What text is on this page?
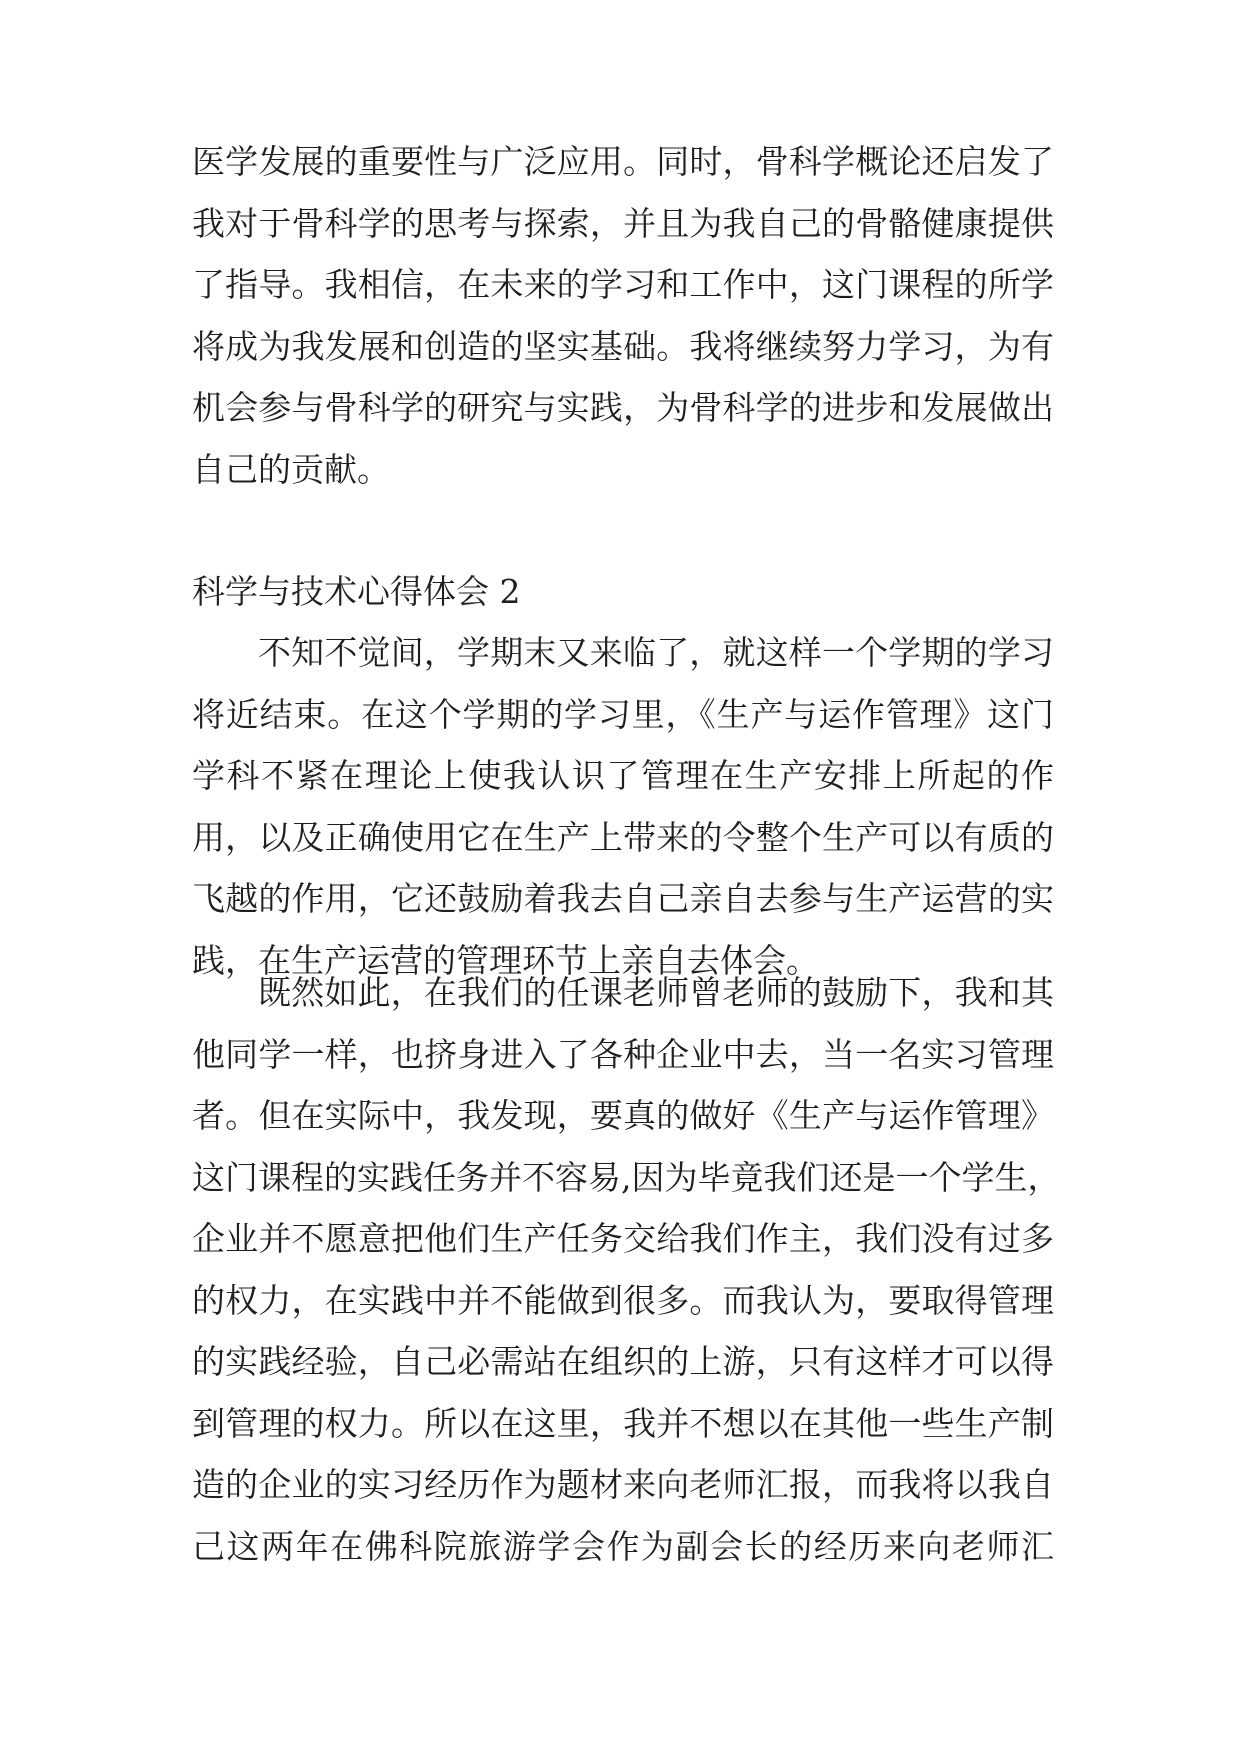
医学发展的重要性与广泛应用。同时，骨科学概论还启发了
我对于骨科学的思考与探索，并且为我自己的骨骼健康提供
了指导。我相信，在未来的学习和工作中，这门课程的所学
将成为我发展和创造的坚实基础。我将继续努力学习，为有
机会参与骨科学的研究与实践，为骨科学的进步和发展做出
自己的贡献。
科学与技术心得体会 2
不知不觉间，学期末又来临了，就这样一个学期的学习
将近结束。在这个学期的学习里，《生产与运作管理》这门
学科不紧在理论上使我认识了管理在生产安排上所起的作
用，以及正确使用它在生产上带来的令整个生产可以有质的
飞越的作用，它还鼓励着我去自己亲自去参与生产运营的实
践，在生产运营的管理环节上亲自去体会。
既然如此，在我们的任课老师曾老师的鼓励下，我和其
他同学一样，也挤身进入了各种企业中去，当一名实习管理
者。但在实际中，我发现，要真的做好《生产与运作管理》
这门课程的实践任务并不容易,因为毕竟我们还是一个学生，
企业并不愿意把他们生产任务交给我们作主，我们没有过多
的权力，在实践中并不能做到很多。而我认为，要取得管理
的实践经验，自己必需站在组织的上游，只有这样才可以得
到管理的权力。所以在这里，我并不想以在其他一些生产制
造的企业的实习经历作为题材来向老师汇报，而我将以我自
己这两年在佛科院旅游学会作为副会长的经历来向老师汇
